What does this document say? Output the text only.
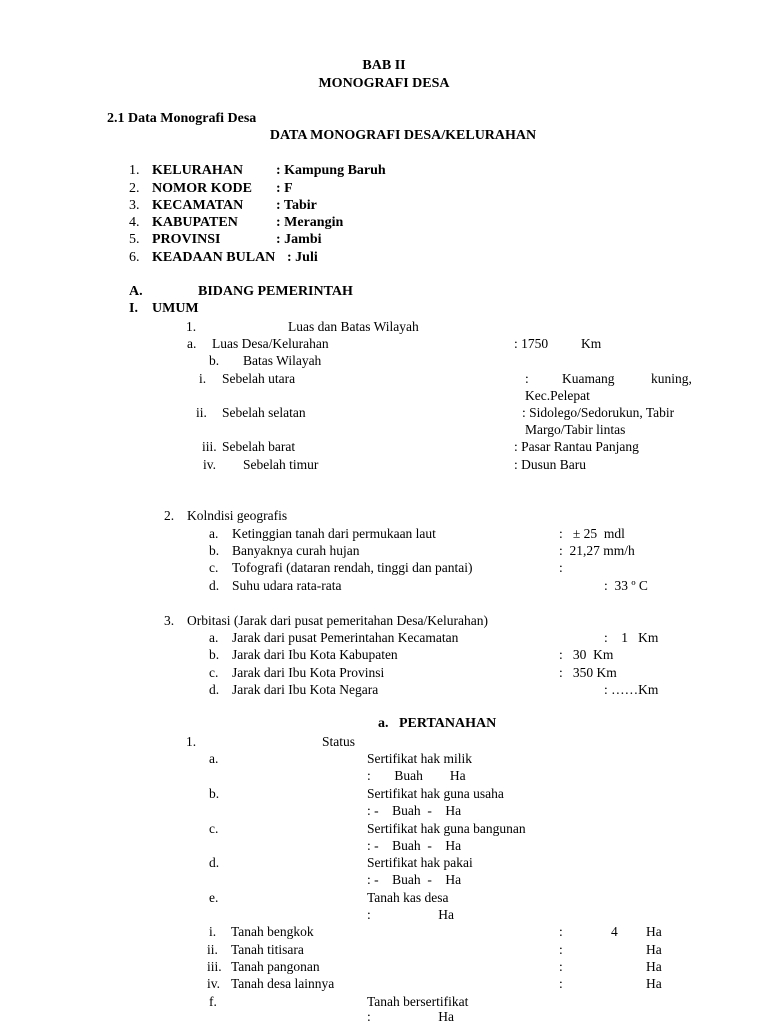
BAB II
MONOGRAFI DESA
2.1 Data Monografi Desa
DATA MONOGRAFI DESA/KELURAHAN
1. KELURAHAN : Kampung Baruh
2. NOMOR KODE : F
3. KECAMATAN : Tabir
4. KABUPATEN	: Merangin
5. PROVINSI	: Jambi
6. KEADAAN BULAN : Juli
A.	BIDANG PEMERINTAH
I. UMUM
1.	Luas dan Batas Wilayah
a. Luas Desa/Kelurahan	: 1750 Km
b. Batas Wilayah
i. Sebelah utara	: Kuamang	kuning,
Kec.Pelepat
ii. Sebelah selatan	: Sidolego/Sedorukun, Tabir
Margo/Tabir lintas
iii. Sebelah barat	: Pasar Rantau Panjang
iv. Sebelah timur	: Dusun Baru
2. Kolndisi geografis
a. Ketinggian tanah dari permukaan laut	:   ± 25  mdl
b. Banyaknya curah hujan	:  21,27 mm/h
c. Tofografi (dataran rendah, tinggi dan pantai)	:
d. Suhu udara rata-rata	:  33 º C
3. Orbitasi (Jarak dari pusat pemeritahan Desa/Kelurahan)
a. Jarak dari pusat Pemerintahan Kecamatan	:    1   Km
b. Jarak dari Ibu Kota Kabupaten	:   30  Km
c. Jarak dari Ibu Kota Provinsi	:   350 Km
d. Jarak dari Ibu Kota Negara	: ……Km
a.   PERTANAHAN
1.	Status
a.	Sertifikat hak milik
:       Buah        Ha
b.	Sertifikat hak guna usaha
: -    Buah  -    Ha
c.	Sertifikat hak guna bangunan
: -    Buah  -    Ha
d.	Sertifikat hak pakai
: -    Buah  -    Ha
e.	Tanah kas desa
:                    Ha
i. Tanah bengkok	:	4 Ha
ii. Tanah titisara	:	Ha
iii. Tanah pangonan	:	Ha
iv. Tanah desa lainnya	:	Ha
f.	Tanah bersertifikat
:                    Ha
